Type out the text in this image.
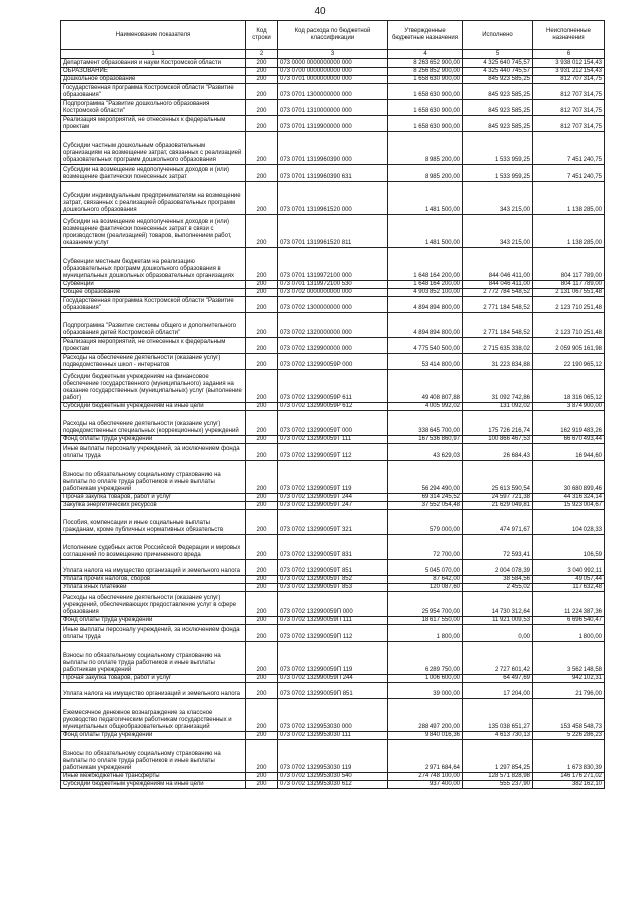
40
Наименование показателя	Код строки	Код расхода по бюджетной классификации	Утвержденные бюджетные назначения	Исполнено	Неисполненные назначения
1	2	3	4	5	6
Департамент образования и науки Костромской области	200	073 0000 0000000000 000	8 263 652 900,00	4 325 640 745,57	3 938 012 154,43
ОБРАЗОВАНИЕ	200	073 0700 0000000000 000	8 256 852 900,00	4 325 440 745,57	3 931 212 154,43
Дошкольное образование	200	073 0701 0000000000 000	1 658 630 900,00	845 923 585,25	812 707 314,75
Государственная программа Костромской области "Развитие образования"	200	073 0701 1300000000 000	1 658 630 900,00	845 923 585,25	812 707 314,75
Подпрограмма "Развитие дошкольного образования Костромской области"	200	073 0701 1310000000 000	1 658 630 900,00	845 923 585,25	812 707 314,75
Реализация мероприятий, не отнесенных к федеральным проектам	200	073 0701 1319900000 000	1 658 630 900,00	845 923 585,25	812 707 314,75
Субсидии частным дошкольным образовательным организациям на возмещение затрат, связанных с реализацией образовательных программ дошкольного образования	200	073 0701 1319960390 000	8 985 200,00	1 533 959,25	7 451 240,75
Субсидии на возмещение недополученных доходов и (или) возмещение фактически понесенных затрат	200	073 0701 1319960390 631	8 985 200,00	1 533 959,25	7 451 240,75
Субсидии индивидуальным предпринимателям на возмещение затрат, связанных с реализацией образовательных программ дошкольного образования	200	073 0701 1319961520 000	1 481 500,00	343 215,00	1 138 285,00
Субсидии на возмещение недополученных доходов и (или) возмещение фактически понесенных затрат в связи с производством (реализацией) товаров, выполнением работ, оказанием услуг	200	073 0701 1319961520 811	1 481 500,00	343 215,00	1 138 285,00
Субвенции местным бюджетам на реализацию образовательных программ дошкольного образования в муниципальных дошкольных образовательных организациях	200	073 0701 1319972100 000	1 648 164 200,00	844 046 411,00	804 117 789,00
Субвенции	200	073 0701 1319972100 530	1 648 164 200,00	844 046 411,00	804 117 789,00
Общее образование	200	073 0702 0000000000 000	4 903 852 100,00	2 772 784 548,52	2 131 067 551,48
Государственная программа Костромской области "Развитие образования"	200	073 0702 1300000000 000	4 894 894 800,00	2 771 184 548,52	2 123 710 251,48
Подпрограмма "Развитие системы общего и дополнительного образования детей Костромской области"	200	073 0702 1320000000 000	4 894 894 800,00	2 771 184 548,52	2 123 710 251,48
Реализация мероприятий, не отнесенных к федеральным проектам	200	073 0702 1329900000 000	4 775 540 500,00	2 715 635 338,02	2 059 905 161,98
Расходы на обеспечение деятельности (оказание услуг) подведомственных школ - интернатов	200	073 0702 132990059P 000	53 414 800,00	31 223 834,88	22 190 965,12
Субсидии бюджетным учреждениям на финансовое обеспечение государственного (муниципального) задания на оказание государственных (муниципальных) услуг (выполнение работ)	200	073 0702 132990059P 611	49 408 807,88	31 092 742,86	18 316 065,12
Субсидии бюджетным учреждениям на иные цели	200	073 0702 132990059P 612	4 005 992,02	131 092,02	3 874 900,00
Расходы на обеспечение деятельности (оказание услуг) подведомственных специальных (коррекционных) учреждений	200	073 0702 132990059T 000	338 645 700,00	175 726 216,74	162 919 483,26
Фонд оплаты труда учреждений	200	073 0702 132990059T 111	167 536 860,97	100 866 467,53	66 670 493,44
Иные выплаты персоналу учреждений, за исключением фонда оплаты труда	200	073 0702 132990059T 112	43 629,03	26 684,43	16 944,60
Взносы по обязательному социальному страхованию на выплаты по оплате труда работников и иные выплаты работникам учреждений	200	073 0702 132990059T 119	56 294 490,00	25 613 590,54	30 680 899,46
Прочая закупка товаров, работ и услуг	200	073 0702 132990059T 244	69 314 245,52	24 597 721,38	44 316 324,14
Закупка энергетических ресурсов	200	073 0702 132990059T 247	37 552 054,48	21 629 049,81	15 923 004,67
Пособия, компенсации и иные социальные выплаты гражданам, кроме публичных нормативных обязательств	200	073 0702 132990059T 321	579 000,00	474 971,67	104 028,33
Исполнение судебных актов Российской Федерации и мировых соглашений по возмещению причиненного вреда	200	073 0702 132990059T 831	72 700,00	72 593,41	106,59
Уплата налога на имущество организаций и земельного налога	200	073 0702 132990059T 851	5 045 070,00	2 004 078,39	3 040 992,11
Уплата прочих налогов, сборов	200	073 0702 132990059T 852	87 642,00	38 584,56	49 057,44
Уплата иных платежей	200	073 0702 132990059T 853	120 087,60	2 455,02	117 632,48
Расходы на обеспечение деятельности (оказание услуг) учреждений, обеспечивающих предоставление услуг в сфере образования	200	073 0702 132990059П 000	25 954 700,00	14 730 312,64	11 224 387,36
Фонд оплаты труда учреждений	200	073 0702 132990059П 111	18 617 550,00	11 921 009,53	6 696 540,47
Иные выплаты персоналу учреждений, за исключением фонда оплаты труда	200	073 0702 132990059П 112	1 800,00	0,00	1 800,00
Взносы по обязательному социальному страхованию на выплаты по оплате труда работников и иные выплаты работникам учреждений	200	073 0702 132990059П 119	6 289 750,00	2 727 601,42	3 562 148,58
Прочая закупка товаров, работ и услуг	200	073 0702 132990059П 244	1 006 600,00	64 497,69	942 102,31
Уплата налога на имущество организаций и земельного налога	200	073 0702 132990059П 851	39 000,00	17 204,00	21 796,00
Ежемесячное денежное вознаграждение за классное руководство педагогическим работникам государственных и муниципальных общеобразовательных организаций	200	073 0702 1329953030 000	288 497 200,00	135 038 651,27	153 458 548,73
Фонд оплаты труда учреждений	200	073 0702 1329953030 111	9 840 016,36	4 613 730,13	5 226 286,23
Взносы по обязательному социальному страхованию на выплаты по оплате труда работников и иные выплаты работникам учреждений	200	073 0702 1329953030 119	2 971 684,64	1 297 854,25	1 673 830,39
Иные межбюджетные трансферты	200	073 0702 1329953030 540	274 748 100,00	128 571 828,98	146 176 271,02
Субсидии бюджетным учреждениям на иные цели	200	073 0702 1329953030 612	937 400,00	555 237,90	382 162,10
